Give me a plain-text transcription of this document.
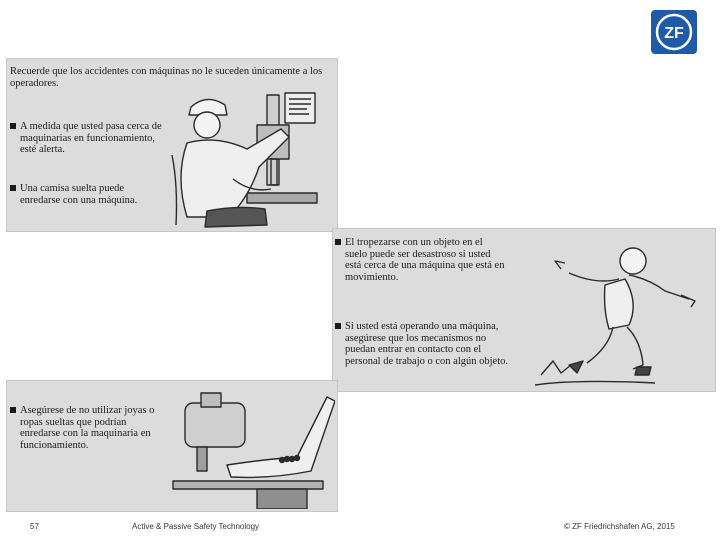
ZF
Recuerde que los accidentes con máquinas no le suceden únicamente a los operadores.
A medida que usted pasa cerca de maquinarias en funcionamiento, esté alerta.
Una camisa suelta puede enredarse con una máquina.
El tropezarse con un objeto en el suelo puede ser desastroso si usted está cerca de una máquina que está en movimiento.
Si usted está operando una máquina, asegúrese que los mecanismos no puedan entrar en contacto con el personal de trabajo o con algún objeto.
Asegúrese de no utilizar joyas o ropas sueltas que podrían enredarse con la maquinaria en funcionamiento.
57	Active & Passive Safety Technology	© ZF Friedrichshafen AG, 2015
